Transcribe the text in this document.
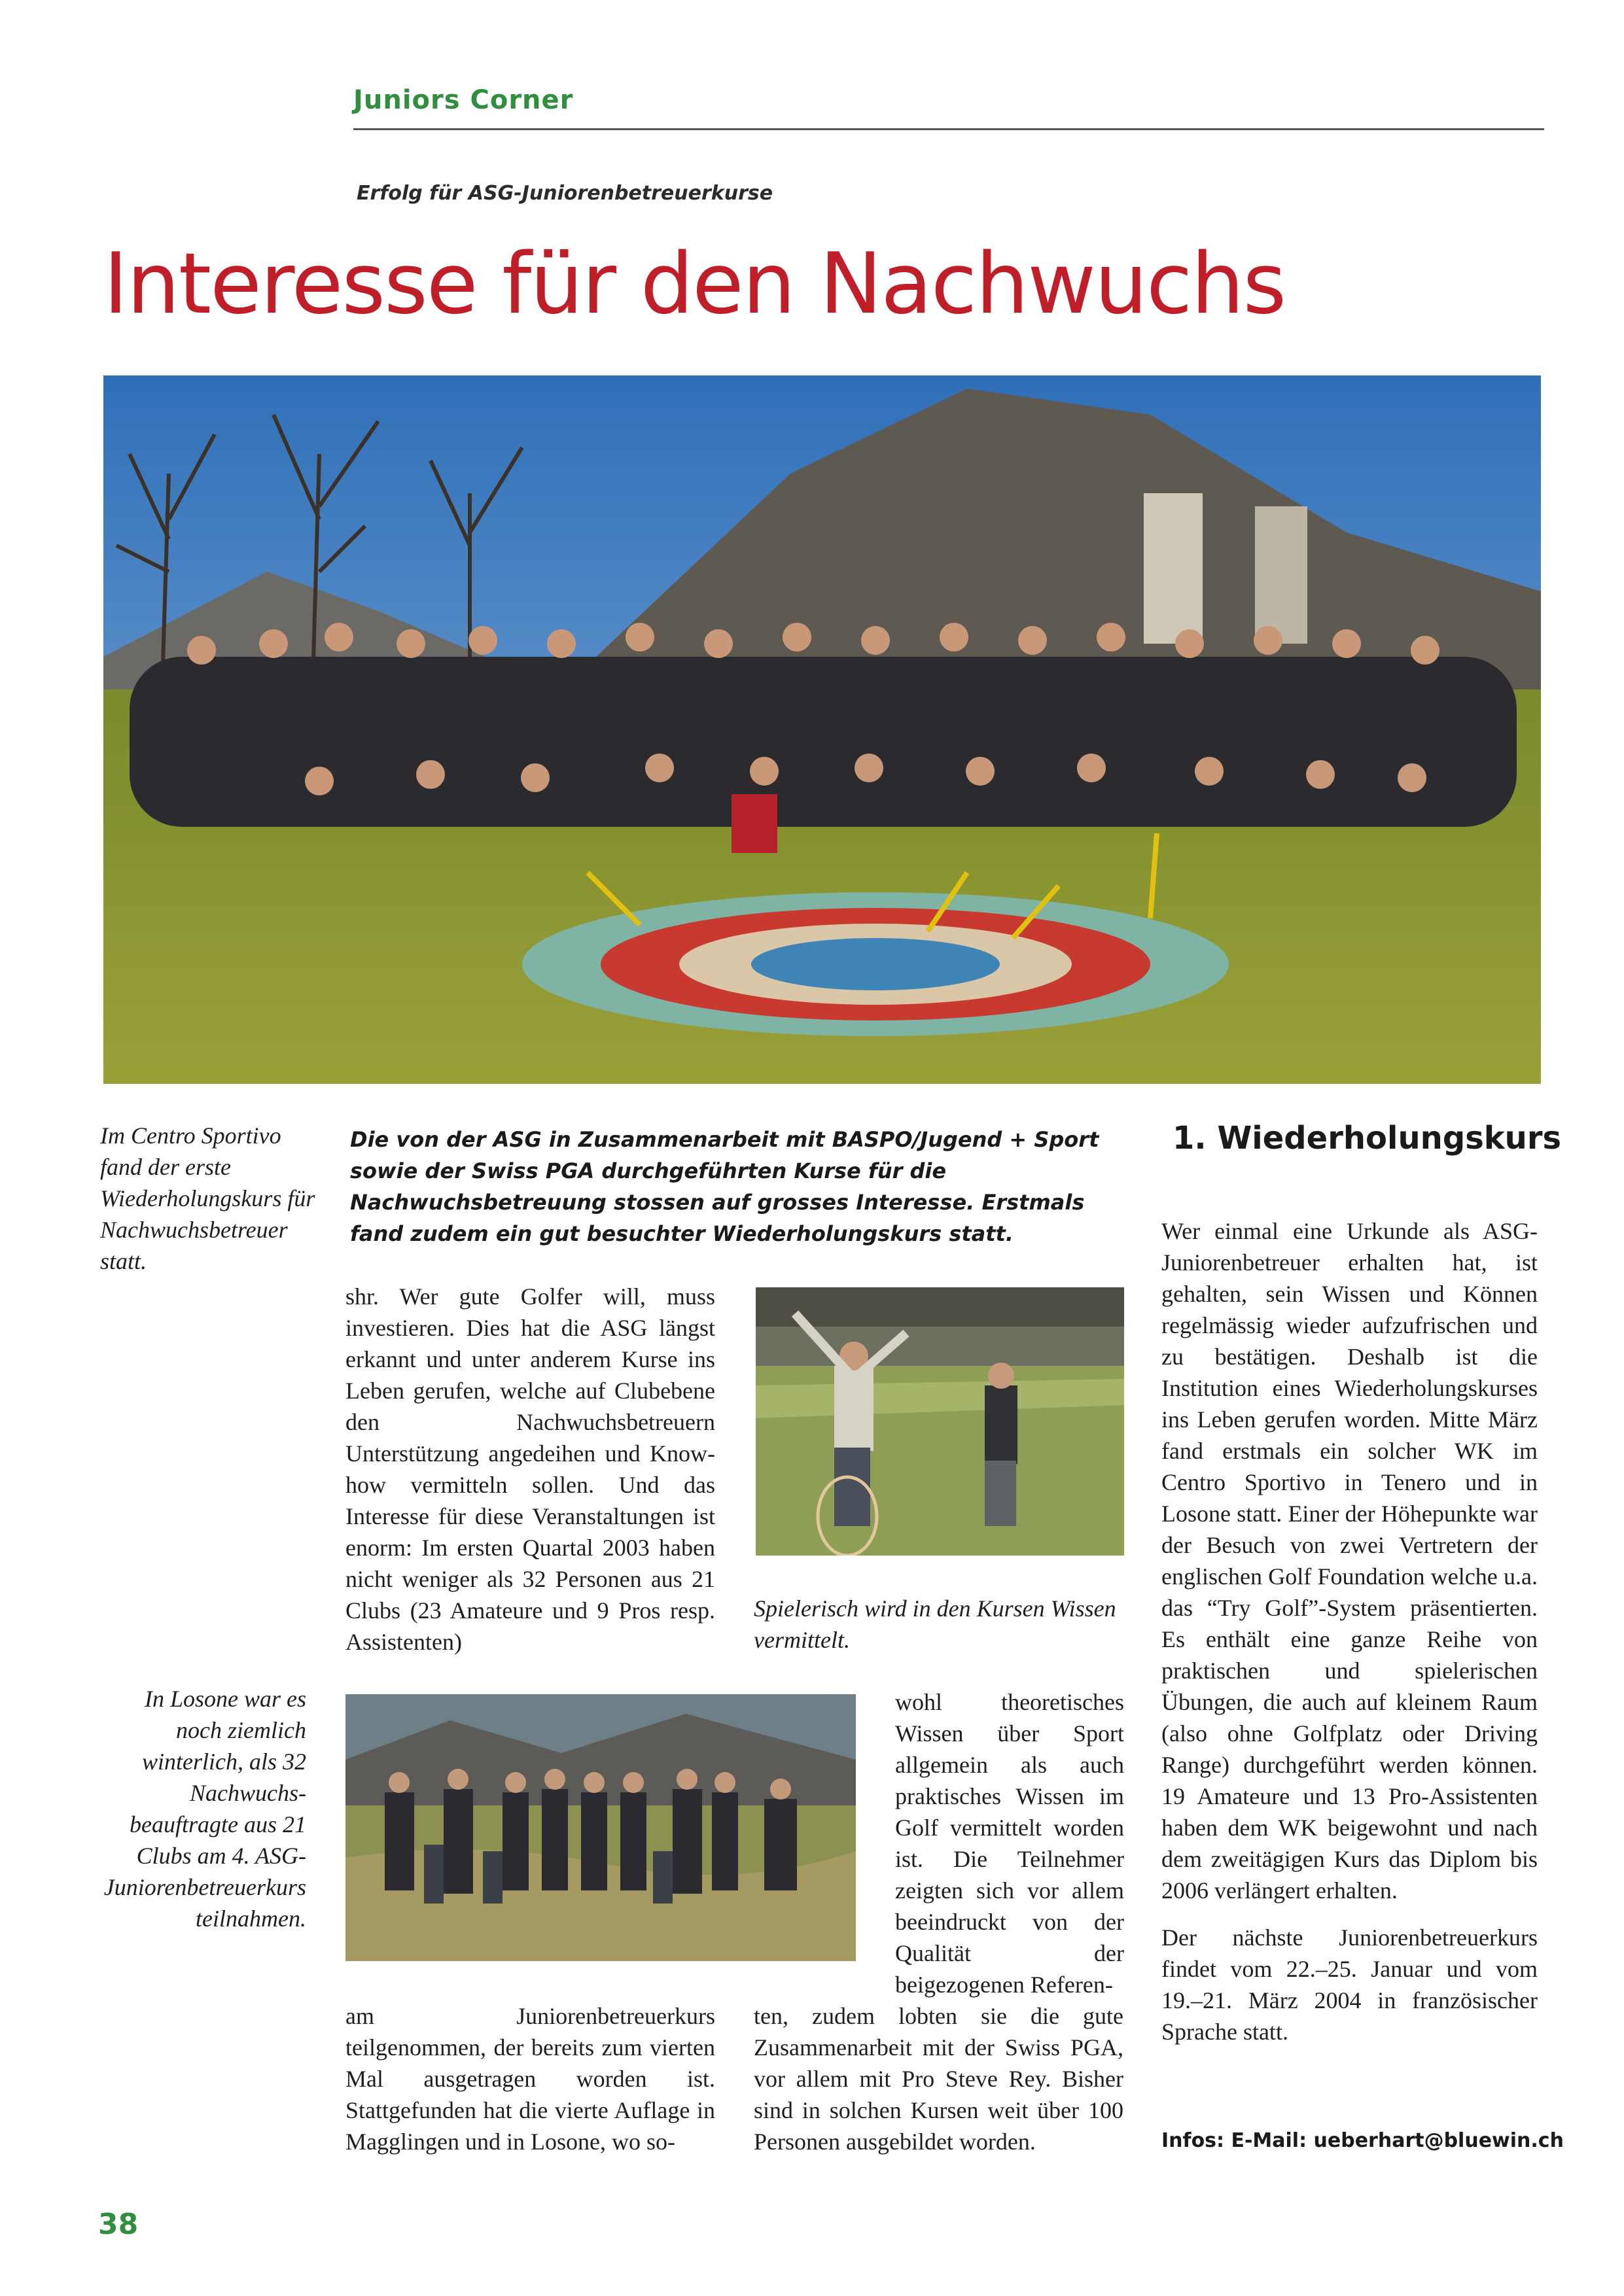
Juniors Corner
Erfolg für ASG-Juniorenbetreuerkurse
Interesse für den Nachwuchs
Im Centro Sportivo fand der erste Wiederholungskurs für Nachwuchsbetreuer statt.
Die von der ASG in Zusammenarbeit mit BASPO/Jugend + Sport sowie der Swiss PGA durchgeführten Kurse für die Nachwuchsbetreuung stossen auf grosses Interesse. Erstmals fand zudem ein gut besuchter Wiederholungskurs statt.

shr. Wer gute Golfer will, muss investieren. Dies hat die ASG längst erkannt und unter anderem Kurse ins Leben gerufen, welche auf Clubebene den Nachwuchsbetreuern Unterstützung angedeihen und Know-how vermitteln sollen. Und das Interesse für diese Veranstaltungen ist enorm: Im ersten Quartal 2003 haben nicht weniger als 32 Personen aus 21 Clubs (23 Amateure und 9 Pros resp. Assistenten)

Spielerisch wird in den Kursen Wissen vermittelt.
In Losone war es noch ziemlich winterlich, als 32 Nachwuchsbeauftragte aus 21 Clubs am 4. ASG-Juniorenbetreuerkurs teilnahmen.

wohl theoretisches Wissen über Sport allgemein als auch praktisches Wissen im Golf vermittelt worden ist. Die Teilnehmer zeigten sich vor allem beeindruckt von der Qualität der beigezogenen Referen-

am Juniorenbetreuerkurs teilgenommen, der bereits zum vierten Mal ausgetragen worden ist. Stattgefunden hat die vierte Auflage in Magglingen und in Losone, wo so-

ten, zudem lobten sie die gute Zusammenarbeit mit der Swiss PGA, vor allem mit Pro Steve Rey. Bisher sind in solchen Kursen weit über 100 Personen ausgebildet worden.

1. Wiederholungskurs

Wer einmal eine Urkunde als ASG-Juniorenbetreuer erhalten hat, ist gehalten, sein Wissen und Können regelmässig wieder aufzufrischen und zu bestätigen. Deshalb ist die Institution eines Wiederholungskurses ins Leben gerufen worden. Mitte März fand erstmals ein solcher WK im Centro Sportivo in Tenero und in Losone statt. Einer der Höhepunkte war der Besuch von zwei Vertretern der englischen Golf Foundation welche u.a. das “Try Golf”-System präsentierten. Es enthält eine ganze Reihe von praktischen und spielerischen Übungen, die auch auf kleinem Raum (also ohne Golfplatz oder Driving Range) durchgeführt werden können. 19 Amateure und 13 Pro-Assistenten haben dem WK beigewohnt und nach dem zweitägigen Kurs das Diplom bis 2006 verlängert erhalten.

Der nächste Juniorenbetreuerkurs findet vom 22.–25. Januar und vom 19.–21. März 2004 in französischer Sprache statt.

Infos: E-Mail: ueberhart@bluewin.ch
38
